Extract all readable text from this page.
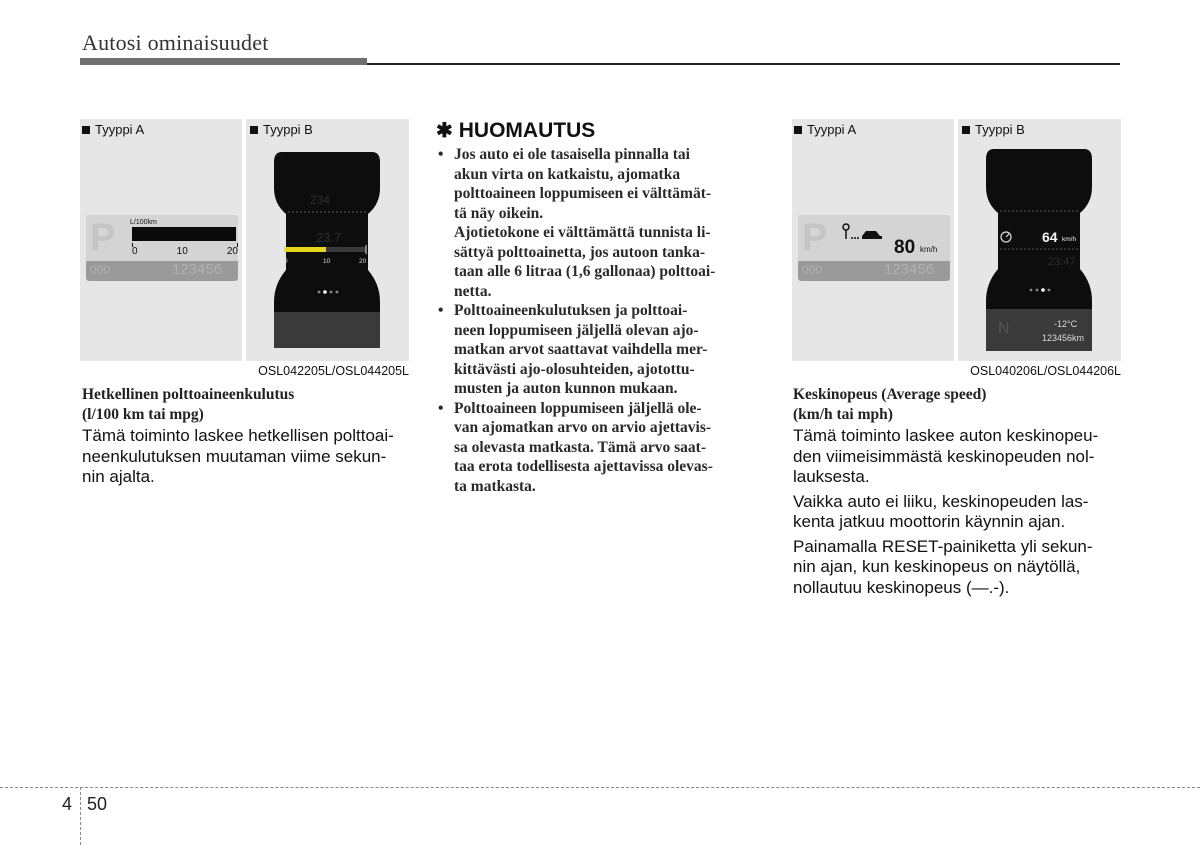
Autosi ominaisuudet
Tyyppi A	Tyyppi B
P L/100km
0	10	20
000	123456	0	10	20
234
23.7
OSL042205L/OSL044205L
Hetkellinen polttoaineenkulutus
(l/100 km tai mpg)
Tämä toiminto laskee hetkellisen polttoai-
neenkulutuksen muutaman viime sekun-
nin ajalta.
✱ HUOMAUTUS
• Jos auto ei ole tasaisella pinnalla tai

akun virta on katkaistu, ajomatka

polttoaineen loppumiseen ei välttämät-

tä näy oikein.

Ajotietokone ei välttämättä tunnista li-

sättyä polttoainetta, jos autoon tanka-

taan alle 6 litraa (1,6 gallonaa) polttoai-

netta.

• Polttoaineenkulutuksen ja polttoai-

neen loppumiseen jäljellä olevan ajo-

matkan arvot saattavat vaihdella mer-

kittävästi ajo-olosuhteiden, ajotottu-

musten ja auton kunnon mukaan.

• Polttoaineen loppumiseen jäljellä ole-

van ajomatkan arvo on arvio ajettavis-

sa olevasta matkasta. Tämä arvo saat-

taa erota todellisesta ajettavissa olevas-

ta matkasta.

Tyyppi A	Tyyppi B
P	80 km/h
000	123456
64 km/h
23:47
N	-12°C
123456km
OSL040206L/OSL044206L
Keskinopeus (Average speed)
(km/h tai mph)
Tämä toiminto laskee auton keskinopeu-
den viimeisimmästä keskinopeuden nol-
lauksesta.
Vaikka auto ei liiku, keskinopeuden las-
kenta jatkuu moottorin käynnin ajan.
Painamalla RESET-painiketta yli sekun-
nin ajan, kun keskinopeus on näytöllä,
nollautuu keskinopeus (—.-).
4 50
